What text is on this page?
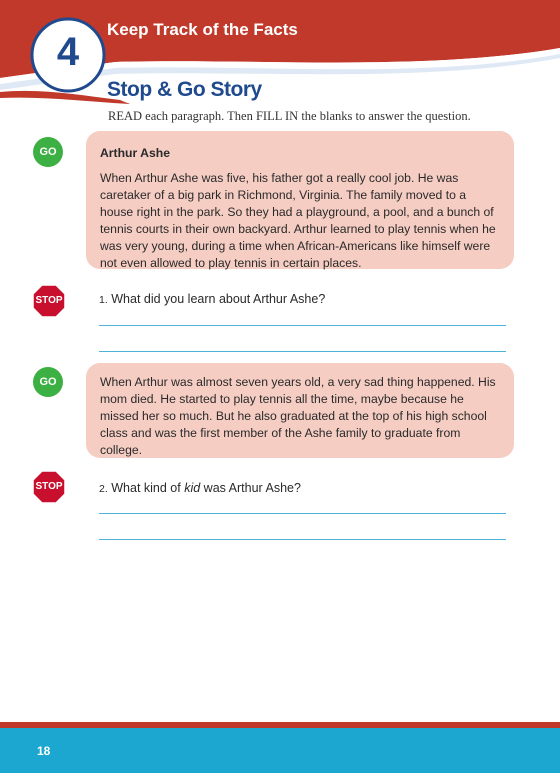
4
Keep Track of the Facts
Stop & Go Story
READ each paragraph. Then FILL IN the blanks to answer the question.
GO	Arthur Ashe
When Arthur Ashe was five, his father got a really cool job. He was caretaker of a big park in Richmond, Virginia. The family moved to a house right in the park. So they had a playground, a pool, and a bunch of tennis courts in their own backyard. Arthur learned to play tennis when he was very young, during a time when African-Americans like himself were not even allowed to play tennis in certain places.
STOP	1. What did you learn about Arthur Ashe?
GO	When Arthur was almost seven years old, a very sad thing happened. His mom died. He started to play tennis all the time, maybe because he missed her so much. But he also graduated at the top of his high school class and was the first member of the Ashe family to graduate from college.
STOP	2. What kind of kid was Arthur Ashe?
18
